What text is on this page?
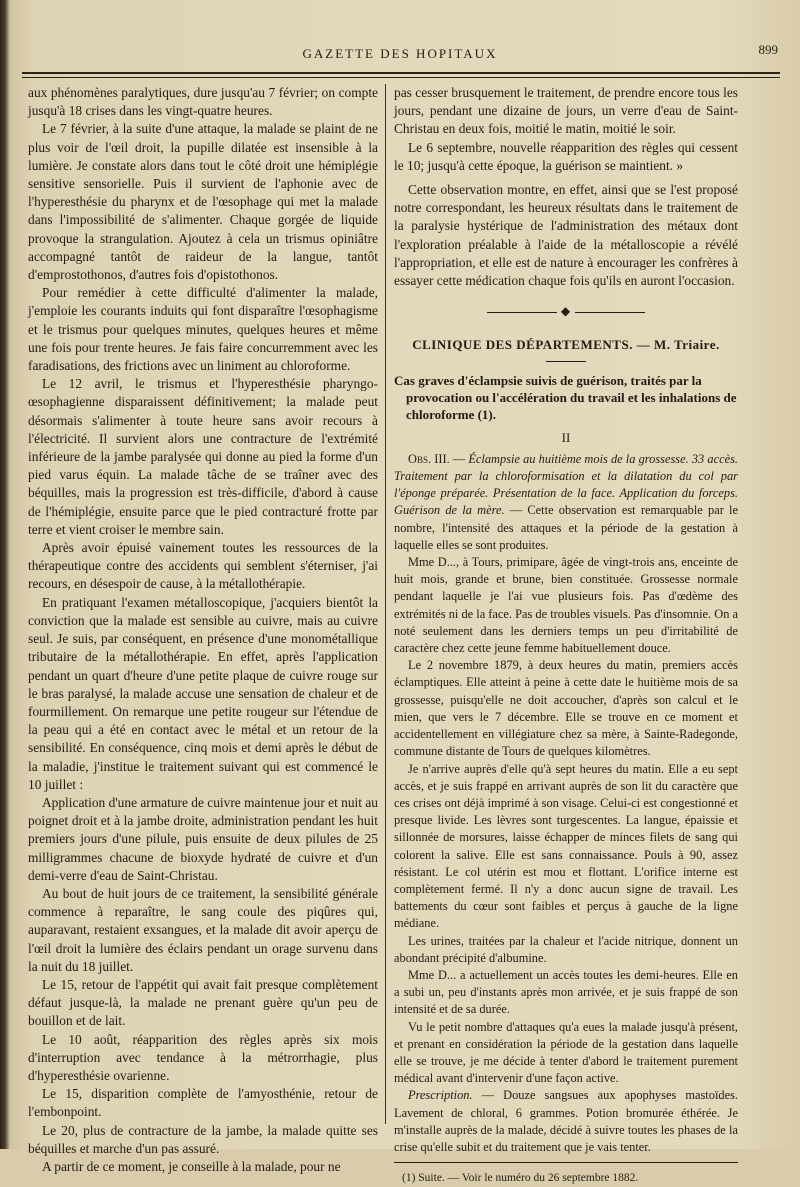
GAZETTE DES HOPITAUX	899

aux phénomènes paralytiques, dure jusqu'au 7 février; on compte jusqu'à 18 crises dans les vingt-quatre heures.

Le 7 février, à la suite d'une attaque, la malade se plaint de ne plus voir de l'œil droit, la pupille dilatée est insensible à la lumière. Je constate alors dans tout le côté droit une hémiplégie sensitive sensorielle. Puis il survient de l'aphonie avec de l'hyperesthésie du pharynx et de l'œsophage qui met la malade dans l'impossibilité de s'alimenter. Chaque gorgée de liquide provoque la strangulation. Ajoutez à cela un trismus opiniâtre accompagné tantôt de raideur de la langue, tantôt d'emprostothonos, d'autres fois d'opistothonos.

Pour remédier à cette difficulté d'alimenter la malade, j'emploie les courants induits qui font disparaître l'œsophagisme et le trismus pour quelques minutes, quelques heures et même une fois pour trente heures. Je fais faire concurremment avec les faradisations, des frictions avec un liniment au chloroforme.

Le 12 avril, le trismus et l'hyperesthésie pharyngo-œsophagienne disparaissent définitivement; la malade peut désormais s'alimenter à toute heure sans avoir recours à l'électricité. Il survient alors une contracture de l'extrémité inférieure de la jambe paralysée qui donne au pied la forme d'un pied varus équin. La malade tâche de se traîner avec des béquilles, mais la progression est très-difficile, d'abord à cause de l'hémiplégie, ensuite parce que le pied contracturé frotte par terre et vient croiser le membre sain.

Après avoir épuisé vainement toutes les ressources de la thérapeutique contre des accidents qui semblent s'éterniser, j'ai recours, en désespoir de cause, à la métallothérapie.

En pratiquant l'examen métalloscopique, j'acquiers bientôt la conviction que la malade est sensible au cuivre, mais au cuivre seul. Je suis, par conséquent, en présence d'une monométallique tributaire de la métallothérapie. En effet, après l'application pendant un quart d'heure d'une petite plaque de cuivre rouge sur le bras paralysé, la malade accuse une sensation de chaleur et de fourmillement. On remarque une petite rougeur sur l'étendue de la peau qui a été en contact avec le métal et un retour de la sensibilité. En conséquence, cinq mois et demi après le début de la maladie, j'institue le traitement suivant qui est commencé le 10 juillet :

Application d'une armature de cuivre maintenue jour et nuit au poignet droit et à la jambe droite, administration pendant les huit premiers jours d'une pilule, puis ensuite de deux pilules de 25 milligrammes chacune de bioxyde hydraté de cuivre et d'un demi-verre d'eau de Saint-Christau.

Au bout de huit jours de ce traitement, la sensibilité générale commence à reparaître, le sang coule des piqûres qui, auparavant, restaient exsangues, et la malade dit avoir aperçu de l'œil droit la lumière des éclairs pendant un orage survenu dans la nuit du 18 juillet.

Le 15, retour de l'appétit qui avait fait presque complètement défaut jusque-là, la malade ne prenant guère qu'un peu de bouillon et de lait.

Le 10 août, réapparition des règles après six mois d'interruption avec tendance à la métrorrhagie, plus d'hyperesthésie ovarienne.

Le 15, disparition complète de l'amyosthénie, retour de l'embonpoint.

Le 20, plus de contracture de la jambe, la malade quitte ses béquilles et marche d'un pas assuré.

A partir de ce moment, je conseille à la malade, pour ne

pas cesser brusquement le traitement, de prendre encore tous les jours, pendant une dizaine de jours, un verre d'eau de Saint-Christau en deux fois, moitié le matin, moitié le soir.

Le 6 septembre, nouvelle réapparition des règles qui cessent le 10; jusqu'à cette époque, la guérison se maintient. »

Cette observation montre, en effet, ainsi que se l'est proposé notre correspondant, les heureux résultats dans le traitement de la paralysie hystérique de l'administration des métaux dont l'exploration préalable à l'aide de la métalloscopie a révélé l'appropriation, et elle est de nature à encourager les confrères à essayer cette médication chaque fois qu'ils en auront l'occasion.

◆
CLINIQUE DES DÉPARTEMENTS. — M. Triaire.

Cas graves d'éclampsie suivis de guérison, traités par la provocation ou l'accélération du travail et les inhalations de chloroforme (1).

II

Obs. III. — Éclampsie au huitième mois de la grossesse. 33 accès. Traitement par la chloroformisation et la dilatation du col par l'éponge préparée. Présentation de la face. Application du forceps. Guérison de la mère. — Cette observation est remarquable par le nombre, l'intensité des attaques et la période de la gestation à laquelle elles se sont produites.

Mme D..., à Tours, primipare, âgée de vingt-trois ans, enceinte de huit mois, grande et brune, bien constituée. Grossesse normale pendant laquelle je l'ai vue plusieurs fois. Pas d'œdème des extrémités ni de la face. Pas de troubles visuels. Pas d'insomnie. On a noté seulement dans les derniers temps un peu d'irritabilité de caractère chez cette jeune femme habituellement douce.

Le 2 novembre 1879, à deux heures du matin, premiers accès éclamptiques. Elle atteint à peine à cette date le huitième mois de sa grossesse, puisqu'elle ne doit accoucher, d'après son calcul et le mien, que vers le 7 décembre. Elle se trouve en ce moment et accidentellement en villégiature chez sa mère, à Sainte-Radegonde, commune distante de Tours de quelques kilomètres.

Je n'arrive auprès d'elle qu'à sept heures du matin. Elle a eu sept accès, et je suis frappé en arrivant auprès de son lit du caractère que ces crises ont déjà imprimé à son visage. Celui-ci est congestionné et presque livide. Les lèvres sont turgescentes. La langue, épaissie et sillonnée de morsures, laisse échapper de minces filets de sang qui colorent la salive. Elle est sans connaissance. Pouls à 90, assez résistant. Le col utérin est mou et flottant. L'orifice interne est complètement fermé. Il n'y a donc aucun signe de travail. Les battements du cœur sont faibles et perçus à gauche de la ligne médiane.

Les urines, traitées par la chaleur et l'acide nitrique, donnent un abondant précipité d'albumine.

Mme D... a actuellement un accès toutes les demi-heures. Elle en a subi un, peu d'instants après mon arrivée, et je suis frappé de son intensité et de sa durée.

Vu le petit nombre d'attaques qu'a eues la malade jusqu'à présent, et prenant en considération la période de la gestation dans laquelle elle se trouve, je me décide à tenter d'abord le traitement purement médical avant d'intervenir d'une façon active.

Prescription. — Douze sangsues aux apophyses mastoïdes. Lavement de chloral, 6 grammes. Potion bromurée éthérée. Je m'installe auprès de la malade, décidé à suivre toutes les phases de la crise qu'elle subit et du traitement que je vais tenter.

(1) Suite. — Voir le numéro du 26 septembre 1882.
